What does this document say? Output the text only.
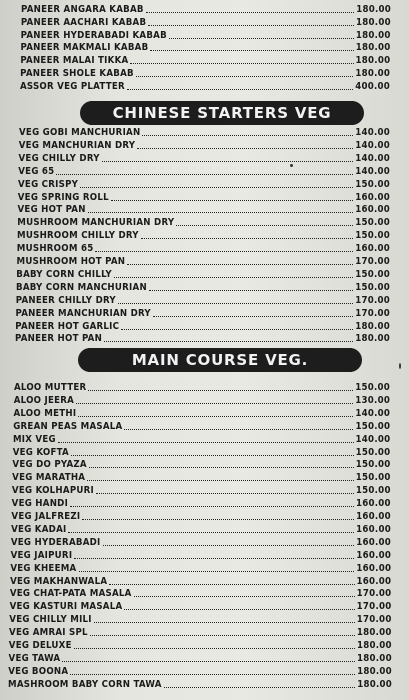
PANEER ANGARA KABAB	180.00
PANEER AACHARI KABAB	180.00
PANEER HYDERABADI KABAB	180.00
PANEER MAKMALI KABAB	180.00
PANEER MALAI TIKKA	180.00
PANEER SHOLE KABAB	180.00
ASSOR VEG PLATTER	400.00
CHINESE STARTERS VEG
VEG GOBI MANCHURIAN	140.00
VEG MANCHURIAN DRY	140.00
VEG CHILLY DRY	140.00
VEG 65	140.00
VEG CRISPY	150.00
VEG SPRING ROLL	160.00
VEG HOT PAN	160.00
MUSHROOM MANCHURIAN DRY	150.00
MUSHROOM CHILLY DRY	150.00
MUSHROOM 65	160.00
MUSHROOM HOT PAN	170.00
BABY CORN CHILLY	150.00
BABY CORN MANCHURIAN	150.00
PANEER CHILLY DRY	170.00
PANEER MANCHURIAN DRY	170.00
PANEER HOT GARLIC	180.00
PANEER HOT PAN	180.00
MAIN COURSE VEG.
ALOO MUTTER	150.00
ALOO JEERA	130.00
ALOO METHI	140.00
GREAN PEAS MASALA	150.00
MIX VEG	140.00
VEG KOFTA	150.00
VEG DO PYAZA	150.00
VEG MARATHA	150.00
VEG KOLHAPURI	150.00
VEG HANDI	160.00
VEG JALFREZI	160.00
VEG KADAI	160.00
VEG HYDERABADI	160.00
VEG JAIPURI	160.00
VEG KHEEMA	160.00
VEG MAKHANWALA	160.00
VEG CHAT-PATA MASALA	170.00
VEG KASTURI MASALA	170.00
VEG CHILLY MILI	170.00
VEG AMRAI SPL	180.00
VEG DELUXE	180.00
VEG TAWA	180.00
VEG BOONA	180.00
MASHROOM BABY CORN TAWA	180.00
